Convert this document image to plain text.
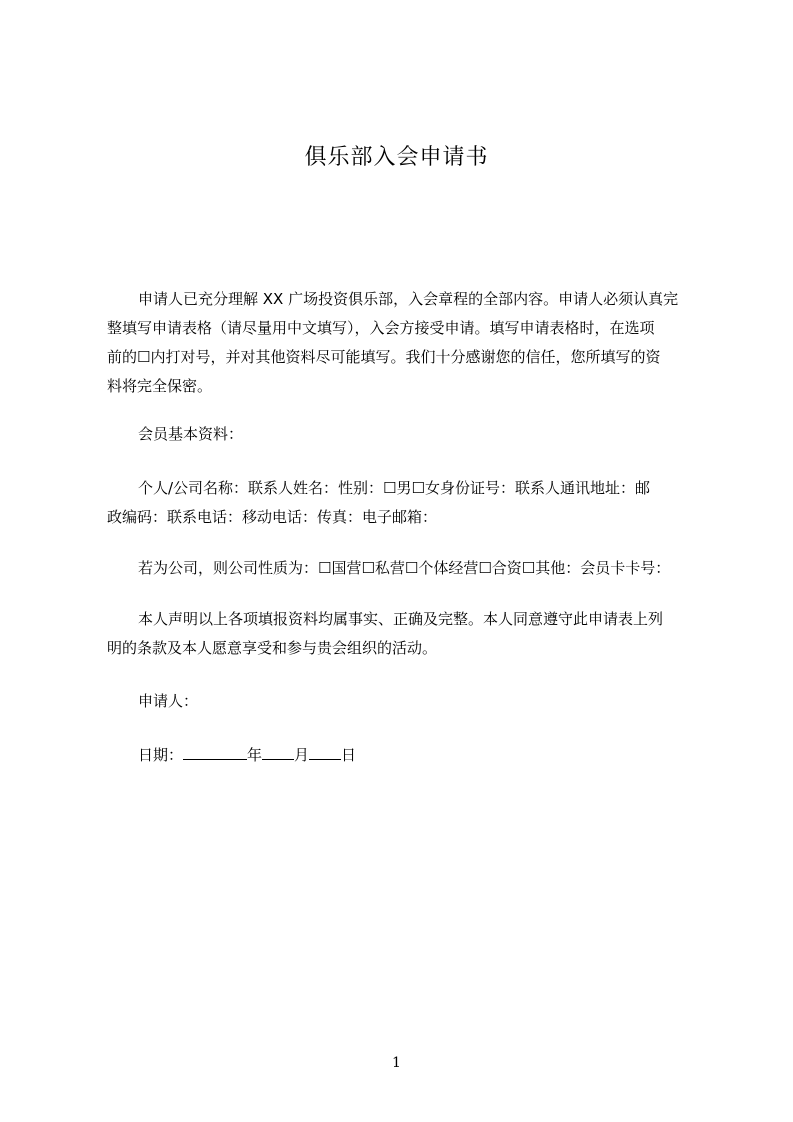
俱乐部入会申请书
申请人已充分理解 XX 广场投资俱乐部，入会章程的全部内容。申请人必须认真完
整填写申请表格（请尽量用中文填写），入会方接受申请。填写申请表格时，在选项
前的☐内打对号，并对其他资料尽可能填写。我们十分感谢您的信任，您所填写的资
料将完全保密。
会员基本资料：
个人/公司名称：联系人姓名：性别：☐男☐女身份证号：联系人通讯地址：邮
政编码：联系电话：移动电话：传真：电子邮箱：
若为公司，则公司性质为：☐国营☐私营☐个体经营☐合资☐其他：会员卡卡号：
本人声明以上各项填报资料均属事实、正确及完整。本人同意遵守此申请表上列
明的条款及本人愿意享受和参与贵会组织的活动。
申请人：
日期：	年 月 日
1
